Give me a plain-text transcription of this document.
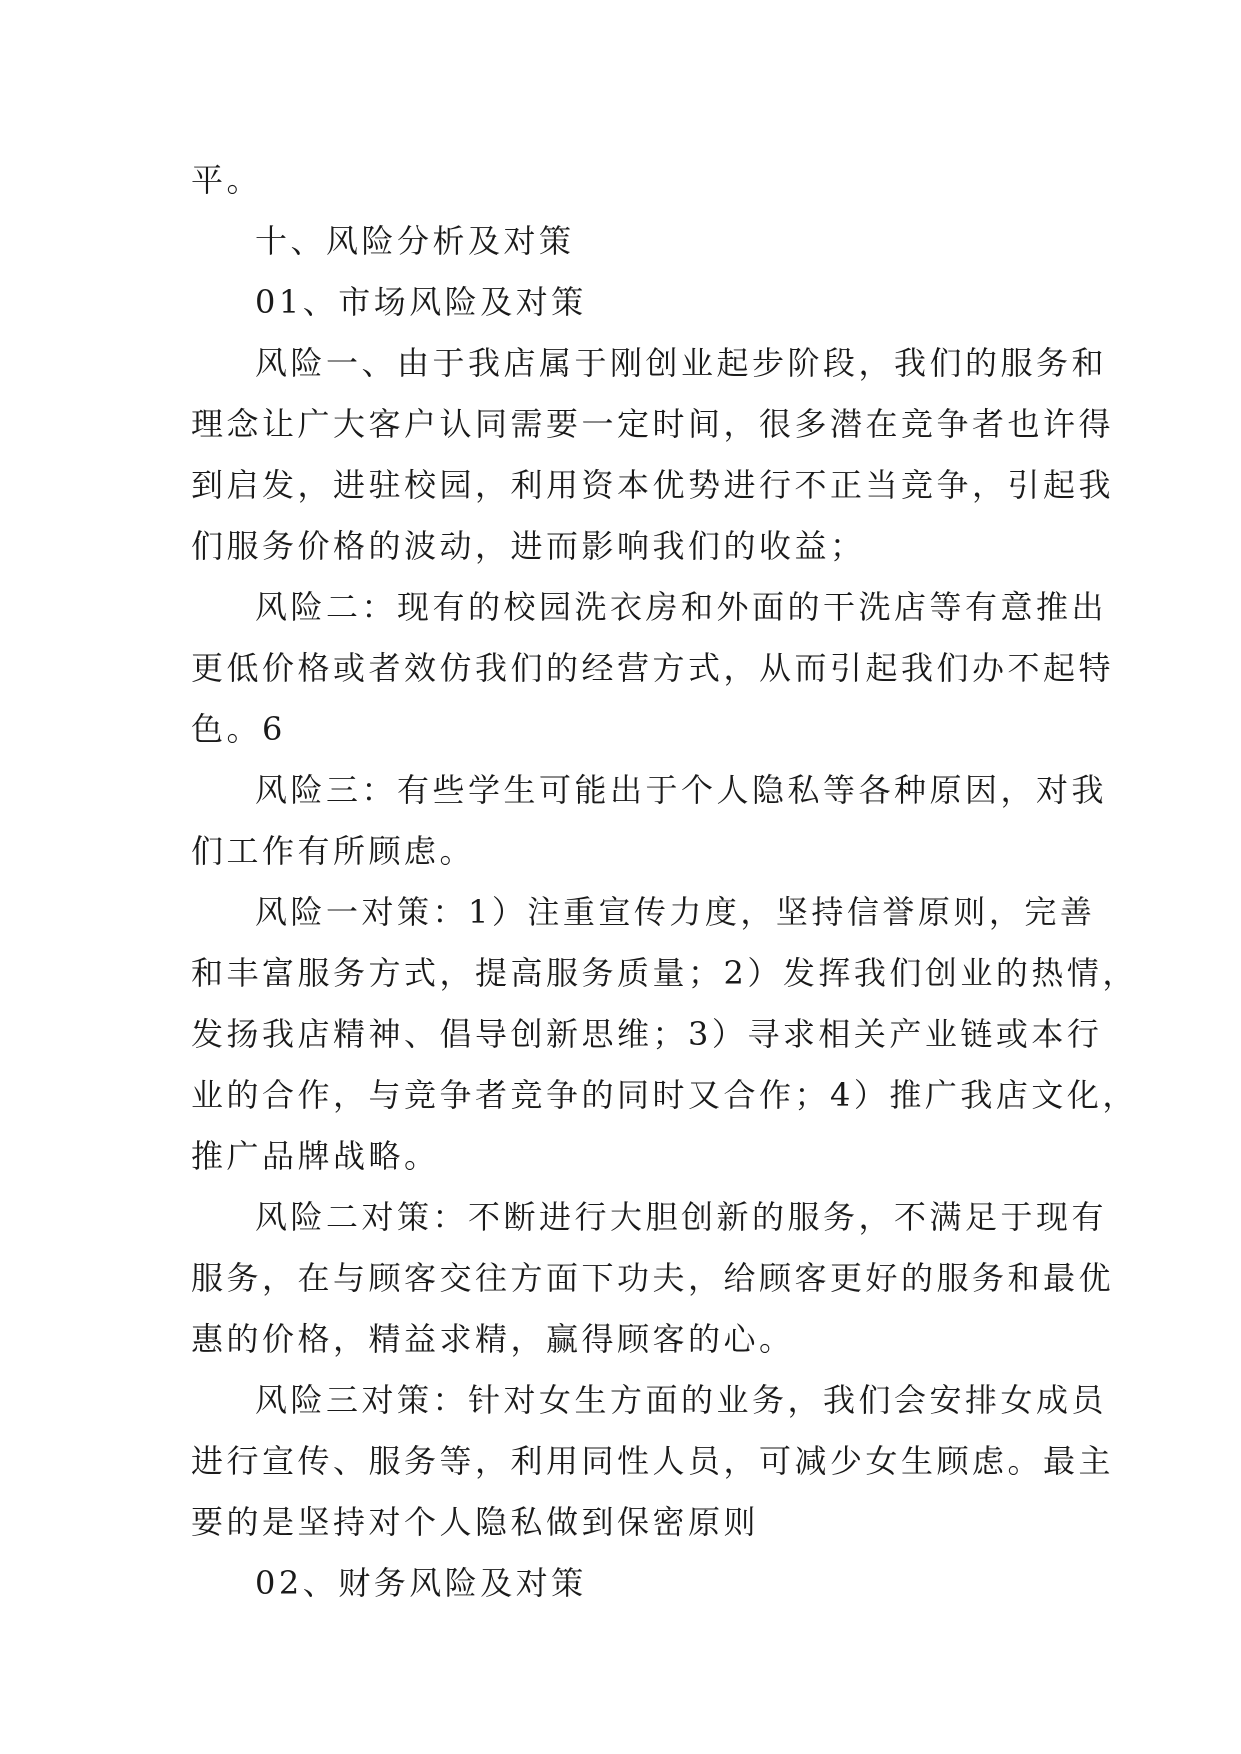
平。
十、风险分析及对策
01、市场风险及对策
风险一、由于我店属于刚创业起步阶段，我们的服务和
理念让广大客户认同需要一定时间，很多潜在竞争者也许得
到启发，进驻校园，利用资本优势进行不正当竞争，引起我
们服务价格的波动，进而影响我们的收益；
风险二：现有的校园洗衣房和外面的干洗店等有意推出
更低价格或者效仿我们的经营方式，从而引起我们办不起特
色。6
风险三：有些学生可能出于个人隐私等各种原因，对我
们工作有所顾虑。
风险一对策：1）注重宣传力度，坚持信誉原则，完善
和丰富服务方式，提高服务质量；2）发挥我们创业的热情，
发扬我店精神、倡导创新思维；3）寻求相关产业链或本行
业的合作，与竞争者竞争的同时又合作；4）推广我店文化，
推广品牌战略。
风险二对策：不断进行大胆创新的服务，不满足于现有
服务，在与顾客交往方面下功夫，给顾客更好的服务和最优
惠的价格，精益求精，赢得顾客的心。
风险三对策：针对女生方面的业务，我们会安排女成员
进行宣传、服务等，利用同性人员，可减少女生顾虑。最主
要的是坚持对个人隐私做到保密原则
02、财务风险及对策
